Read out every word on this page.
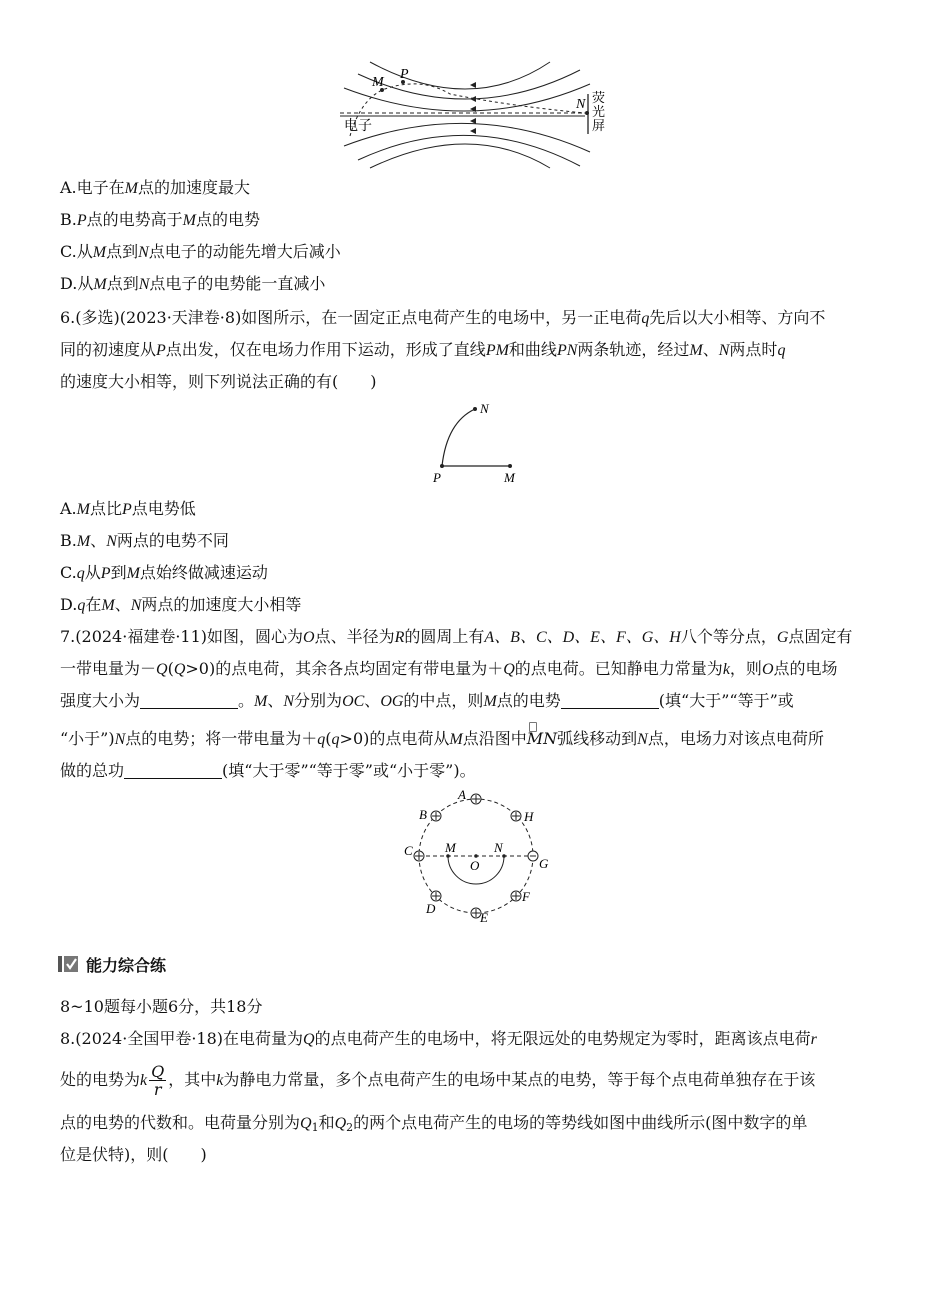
M
P
N
电子
荧
光
屏
A.电子在M点的加速度最大
B.P点的电势高于M点的电势
C.从M点到N点电子的动能先增大后减小
D.从M点到N点电子的电势能一直减小
6.(多选)(2023·天津卷·8)如图所示，在一固定正点电荷产生的电场中，另一正电荷q先后以大小相等、方向不
同的初速度从P点出发，仅在电场力作用下运动，形成了直线PM和曲线PN两条轨迹，经过M、N两点时q
的速度大小相等，则下列说法正确的有(　　)
N
P	M
A.M点比P点电势低
B.M、N两点的电势不同
C.q从P到M点始终做减速运动
D.q在M、N两点的加速度大小相等
7.(2024·福建卷·11)如图，圆心为O点、半径为R的圆周上有A、B、C、D、E、F、G、H八个等分点，G点固定有
一带电量为－Q(Q>0)的点电荷，其余各点均固定有带电量为＋Q的点电荷。已知静电力常量为k，则O点的电场
强度大小为	。M、N分别为OC、OG的中点，则M点的电势	(填“大于”“等于”或
“小于”)N点的电势；将一带电量为＋q(q>0)的点电荷从M点沿图中MN弧线移动到N点，电场力对该点电荷所
做的总功	(填“大于零”“等于零”或“小于零”)。
A
B	H
C
G
M	N
O
D
E
F
能力综合练
8~10题每小题6分，共18分
8.(2024·全国甲卷·18)在电荷量为Q的点电荷产生的电场中，将无限远处的电势规定为零时，距离该点电荷r
处的电势为k $\frac{Q}{r}$ ，其中k为静电力常量，多个点电荷产生的电场中某点的电势，等于每个点电荷单独存在于该
点的电势的代数和。电荷量分别为$Q_1$和$Q_2$的两个点电荷产生的电场的等势线如图中曲线所示(图中数字的单
位是伏特)，则(　　)
